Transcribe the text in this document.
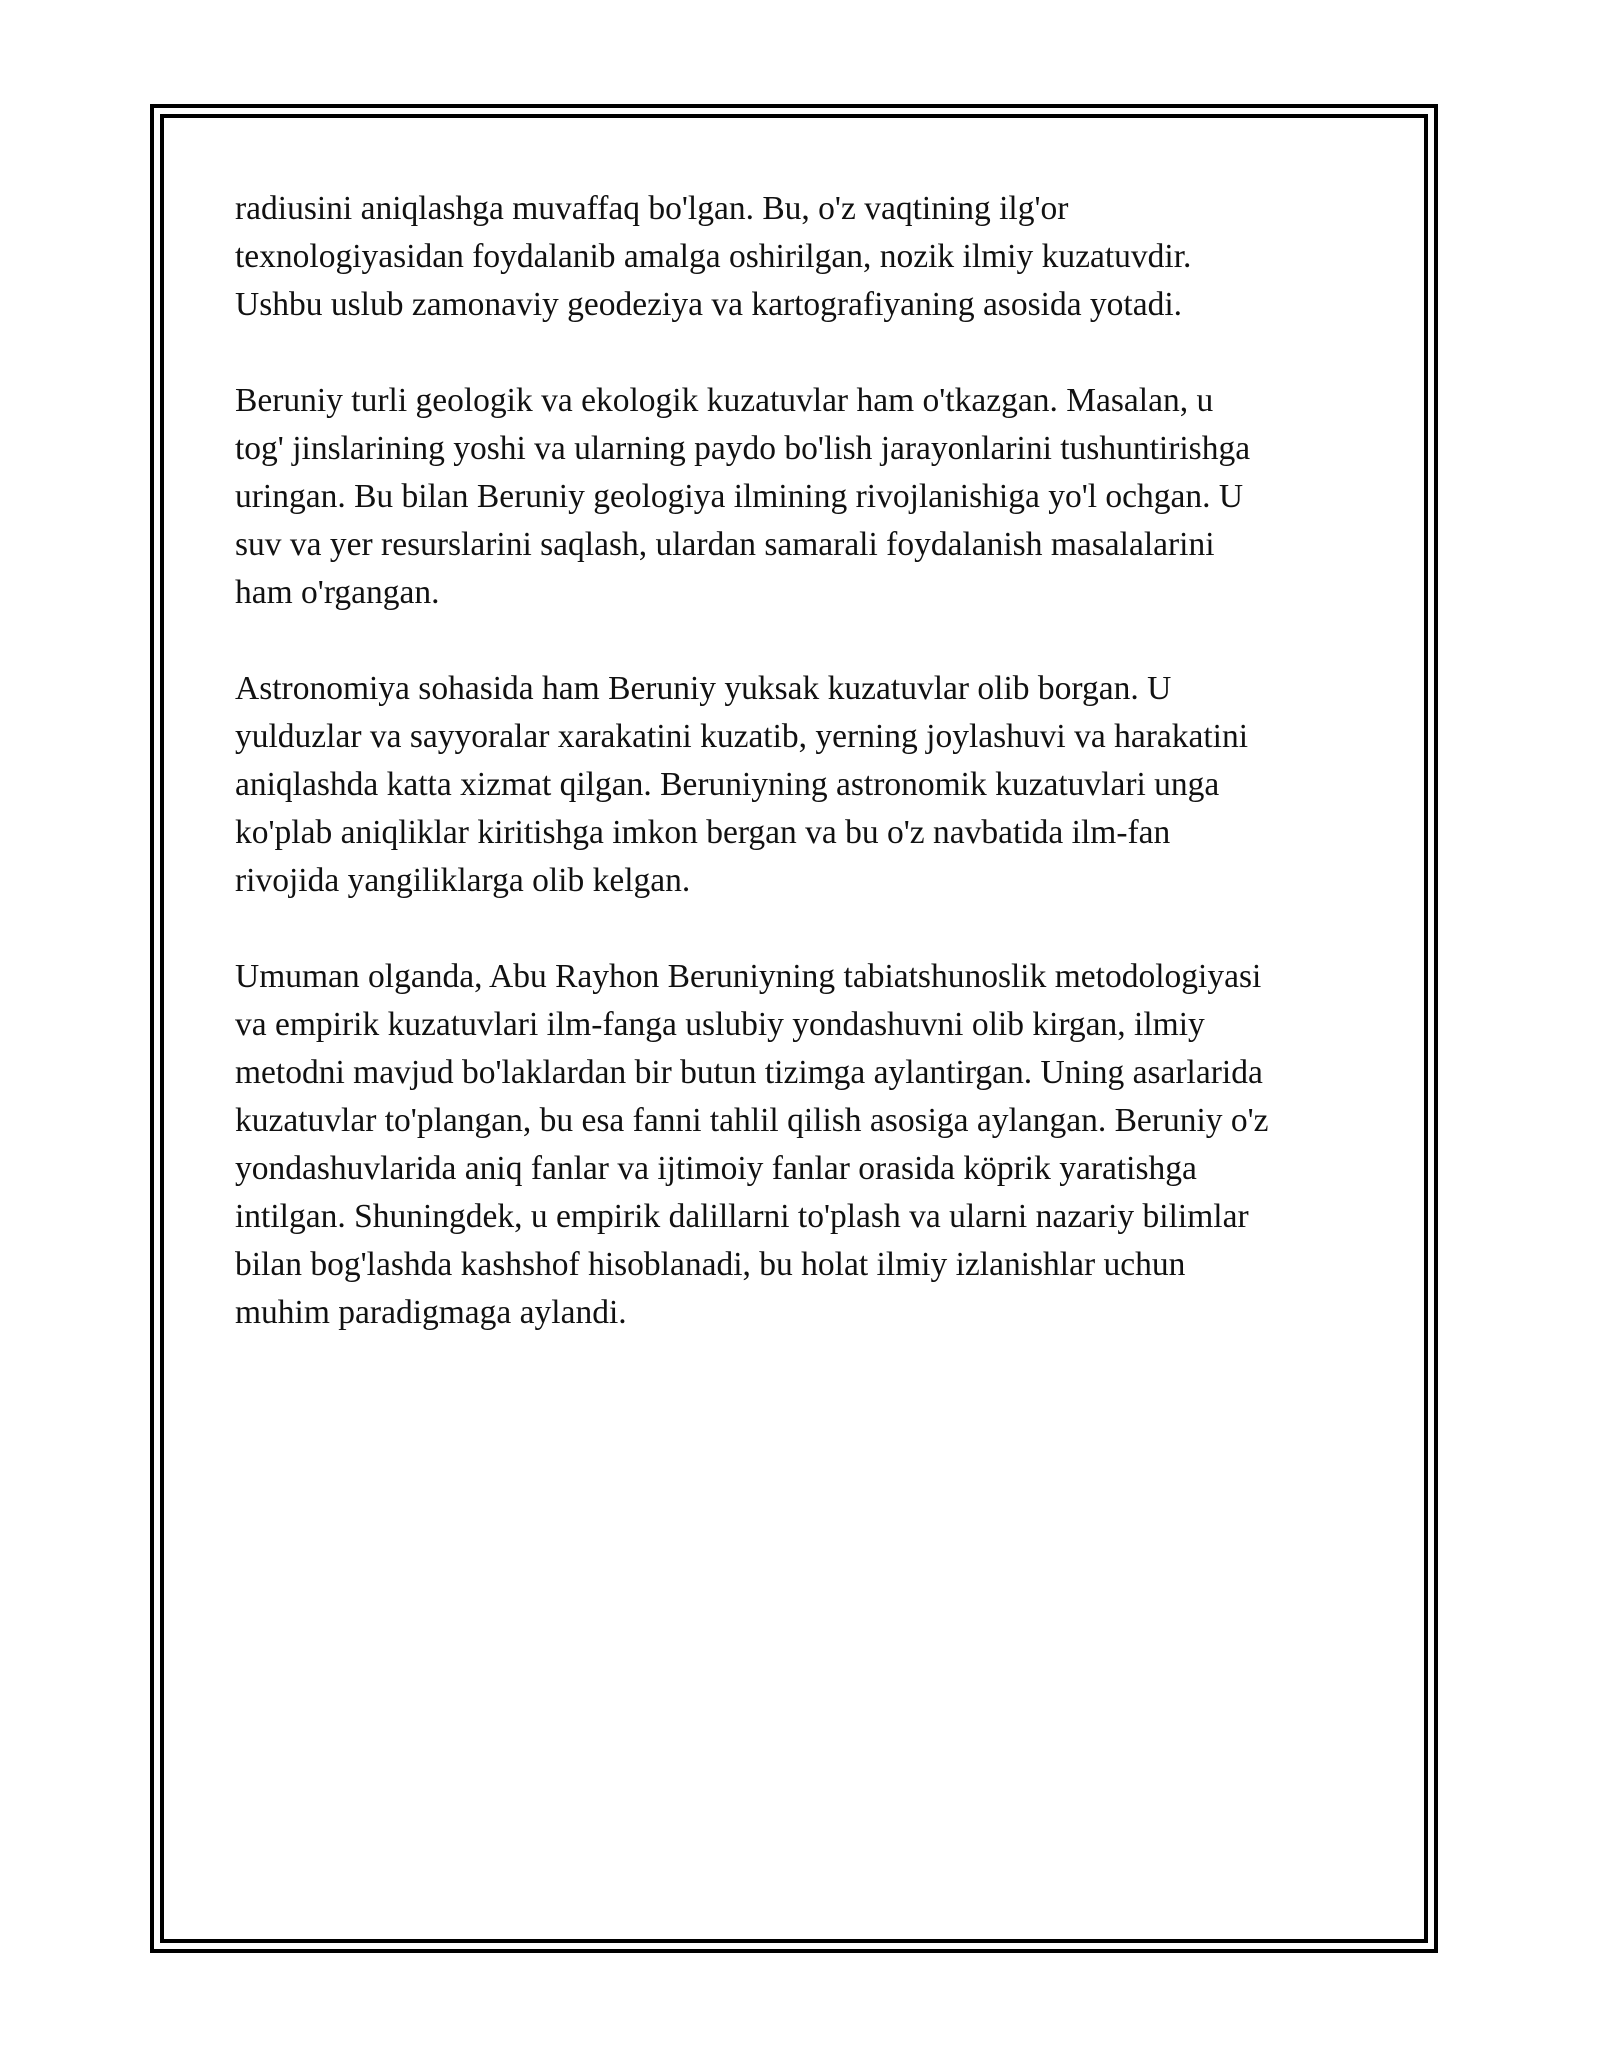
radiusini aniqlashga muvaffaq bo'lgan. Bu, o'z vaqtining ilg'or
texnologiyasidan foydalanib amalga oshirilgan, nozik ilmiy kuzatuvdir.
Ushbu uslub zamonaviy geodeziya va kartografiyaning asosida yotadi.

Beruniy turli geologik va ekologik kuzatuvlar ham o'tkazgan. Masalan, u
tog' jinslarining yoshi va ularning paydo bo'lish jarayonlarini tushuntirishga
uringan. Bu bilan Beruniy geologiya ilmining rivojlanishiga yo'l ochgan. U
suv va yer resurslarini saqlash, ulardan samarali foydalanish masalalarini
ham o'rgangan.

Astronomiya sohasida ham Beruniy yuksak kuzatuvlar olib borgan. U
yulduzlar va sayyoralar xarakatini kuzatib, yerning joylashuvi va harakatini
aniqlashda katta xizmat qilgan. Beruniyning astronomik kuzatuvlari unga
ko'plab aniqliklar kiritishga imkon bergan va bu o'z navbatida ilm-fan
rivojida yangiliklarga olib kelgan.

Umuman olganda, Abu Rayhon Beruniyning tabiatshunoslik metodologiyasi
va empirik kuzatuvlari ilm-fanga uslubiy yondashuvni olib kirgan, ilmiy
metodni mavjud bo'laklardan bir butun tizimga aylantirgan. Uning asarlarida
kuzatuvlar to'plangan, bu esa fanni tahlil qilish asosiga aylangan. Beruniy o'z
yondashuvlarida aniq fanlar va ijtimoiy fanlar orasida köprik yaratishga
intilgan. Shuningdek, u empirik dalillarni to'plash va ularni nazariy bilimlar
bilan bog'lashda kashshof hisoblanadi, bu holat ilmiy izlanishlar uchun
muhim paradigmaga aylandi.
